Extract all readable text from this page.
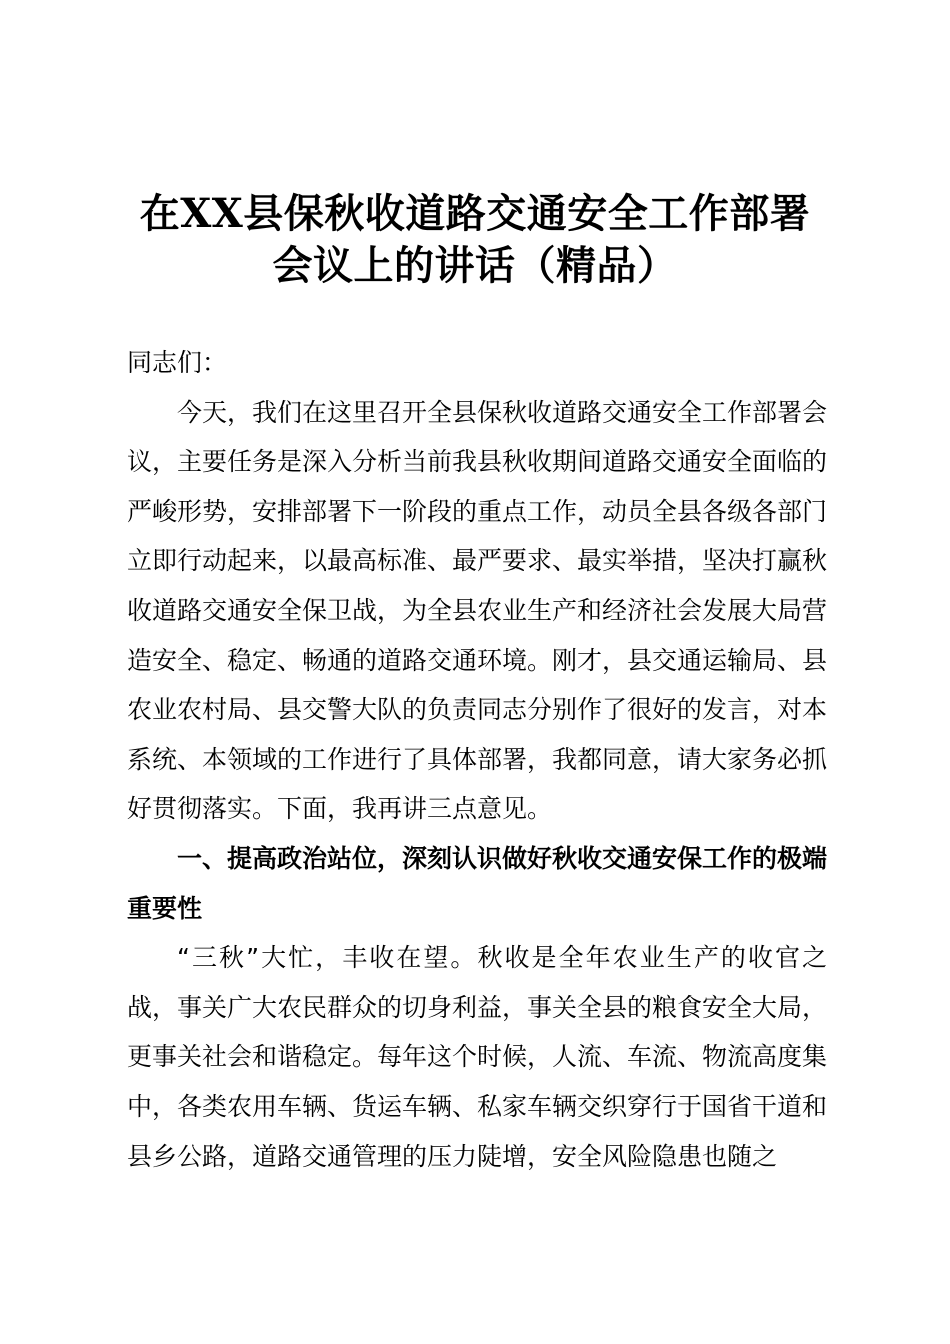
在XX县保秋收道路交通安全工作部署
会议上的讲话（精品）

同志们：

今天，我们在这里召开全县保秋收道路交通安全工作部署会议，主要任务是深入分析当前我县秋收期间道路交通安全面临的严峻形势，安排部署下一阶段的重点工作，动员全县各级各部门立即行动起来，以最高标准、最严要求、最实举措，坚决打赢秋收道路交通安全保卫战，为全县农业生产和经济社会发展大局营造安全、稳定、畅通的道路交通环境。刚才，县交通运输局、县农业农村局、县交警大队的负责同志分别作了很好的发言，对本系统、本领域的工作进行了具体部署，我都同意，请大家务必抓好贯彻落实。下面，我再讲三点意见。

一、提高政治站位，深刻认识做好秋收交通安保工作的极端重要性

“三秋”大忙，丰收在望。秋收是全年农业生产的收官之战，事关广大农民群众的切身利益，事关全县的粮食安全大局，更事关社会和谐稳定。每年这个时候，人流、车流、物流高度集中，各类农用车辆、货运车辆、私家车辆交织穿行于国省干道和县乡公路，道路交通管理的压力陡增，安全风险隐患也随之
